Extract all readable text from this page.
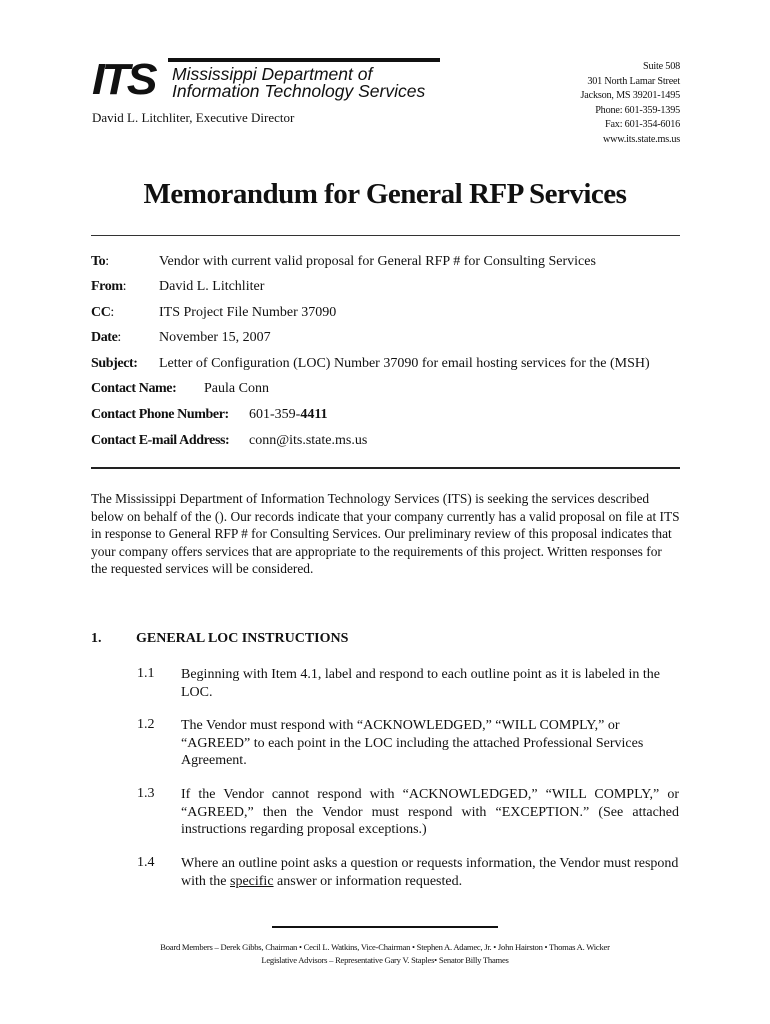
ITS Mississippi Department of
Information Technology Services
David L. Litchliter, Executive Director
Suite 508
301 North Lamar Street
Jackson, MS 39201-1495
Phone: 601-359-1395
Fax: 601-354-6016
www.its.state.ms.us
Memorandum for General RFP Services
To:	Vendor with current valid proposal for General RFP # for Consulting Services
From: David L. Litchliter
CC:	ITS Project File Number 37090
Date:	November 15, 2007
Subject: Letter of Configuration (LOC) Number 37090 for email hosting services for the (MSH)
Contact Name: Paula Conn
Contact Phone Number: 601-359-4411
Contact E-mail Address: conn@its.state.ms.us
The Mississippi Department of Information Technology Services (ITS) is seeking the services described below on behalf of the (). Our records indicate that your company currently has a valid proposal on file at ITS in response to General RFP # for Consulting Services. Our preliminary review of this proposal indicates that your company offers services that are appropriate to the requirements of this project. Written responses for the requested services will be considered.
1. GENERAL LOC INSTRUCTIONS
1.1 Beginning with Item 4.1, label and respond to each outline point as it is labeled in the LOC.
1.2 The Vendor must respond with “ACKNOWLEDGED,” “WILL COMPLY,” or “AGREED” to each point in the LOC including the attached Professional Services Agreement.
1.3 If the Vendor cannot respond with “ACKNOWLEDGED,” “WILL COMPLY,” or “AGREED,” then the Vendor must respond with “EXCEPTION.” (See attached instructions regarding proposal exceptions.)
1.4 Where an outline point asks a question or requests information, the Vendor must respond with the specific answer or information requested.
Board Members – Derek Gibbs, Chairman • Cecil L. Watkins, Vice-Chairman • Stephen A. Adamec, Jr. • John Hairston • Thomas A. Wicker
Legislative Advisors – Representative Gary V. Staples• Senator Billy Thames
